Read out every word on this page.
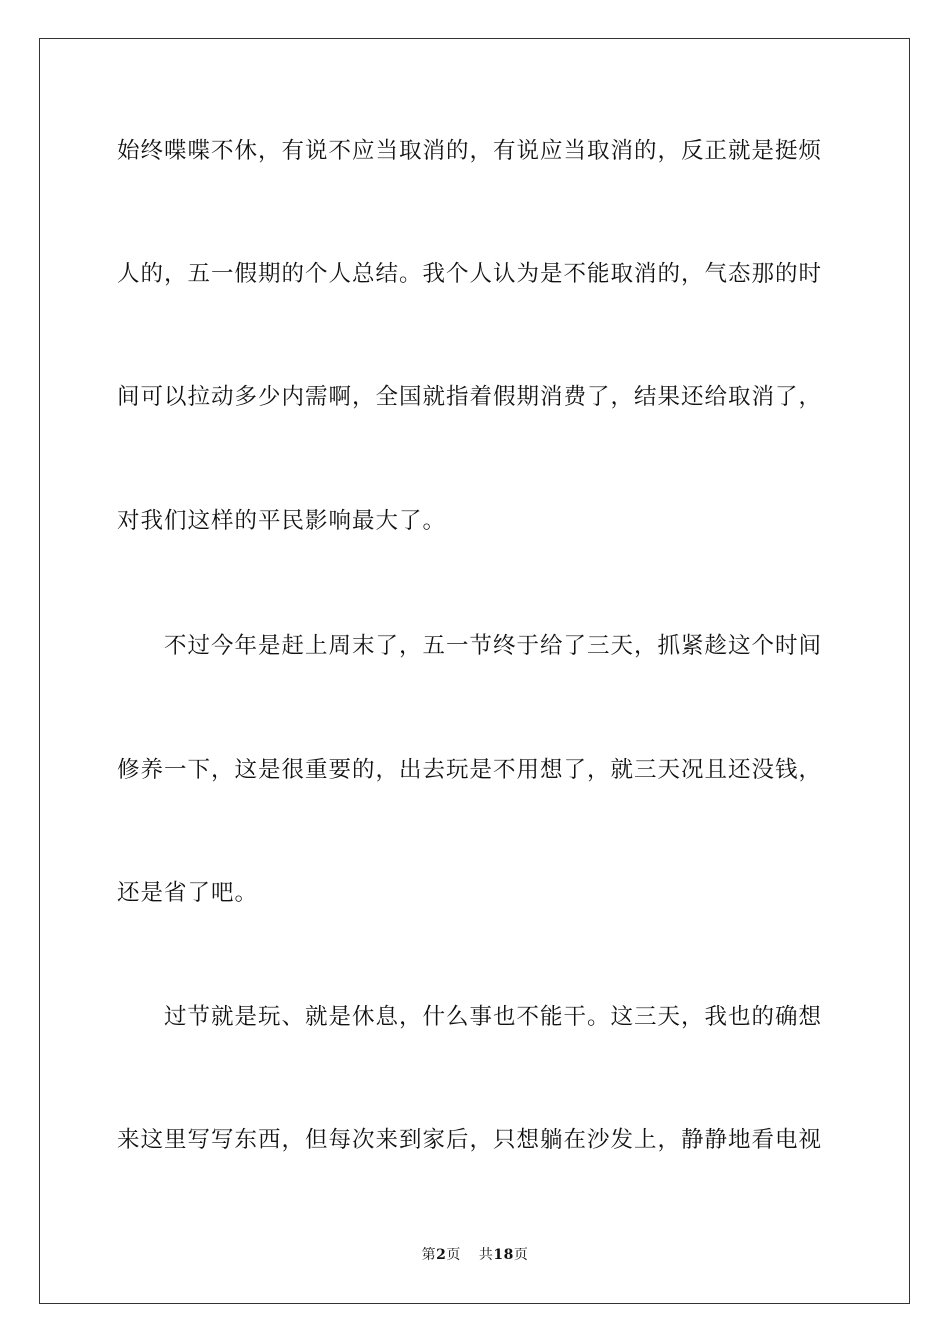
始终喋喋不休，有说不应当取消的，有说应当取消的，反正就是挺烦
人的，五一假期的个人总结。我个人认为是不能取消的，气态那的时
间可以拉动多少内需啊，全国就指着假期消费了，结果还给取消了，
对我们这样的平民影响最大了。
不过今年是赶上周末了，五一节终于给了三天，抓紧趁这个时间
修养一下，这是很重要的，出去玩是不用想了，就三天况且还没钱，
还是省了吧。
过节就是玩、就是休息，什么事也不能干。这三天，我也的确想
来这里写写东西，但每次来到家后，只想躺在沙发上，静静地看电视
第2页 共18页
